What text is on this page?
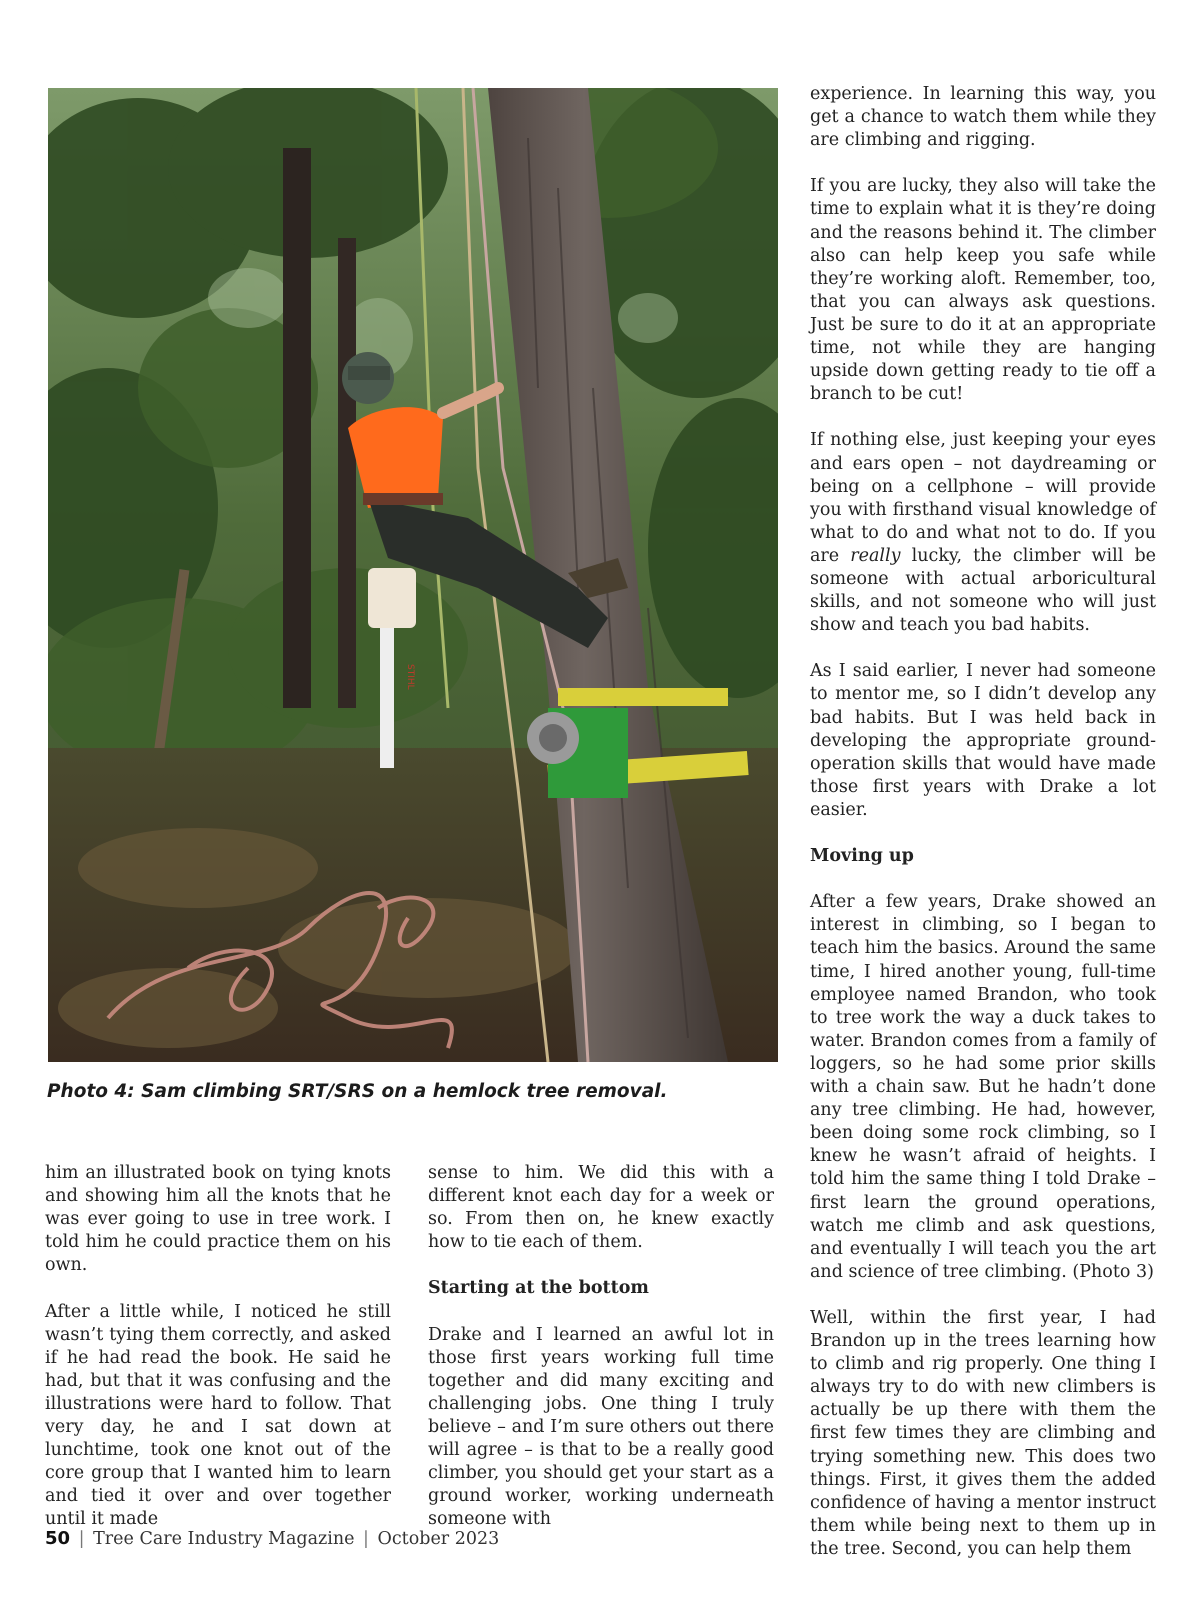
STIHL

Photo 4: Sam climbing SRT/SRS on a hemlock tree removal.

experience. In learning this way, you get a chance to watch them while they are climbing and rigging.

If you are lucky, they also will take the time to explain what it is they’re doing and the reasons behind it. The climber also can help keep you safe while they’re working aloft. Remember, too, that you can always ask questions. Just be sure to do it at an appropriate time, not while they are hanging upside down getting ready to tie off a branch to be cut!

If nothing else, just keeping your eyes and ears open – not daydreaming or being on a cellphone – will provide you with firsthand visual knowledge of what to do and what not to do. If you are really lucky, the climber will be someone with actual arboricultural skills, and not someone who will just show and teach you bad habits.

As I said earlier, I never had someone to mentor me, so I didn’t develop any bad habits. But I was held back in developing the appropriate ground-operation skills that would have made those first years with Drake a lot easier.

Moving up

After a few years, Drake showed an interest in climbing, so I began to teach him the basics. Around the same time, I hired another young, full-time employee named Brandon, who took to tree work the way a duck takes to water. Brandon comes from a family of loggers, so he had some prior skills with a chain saw. But he hadn’t done any tree climbing. He had, however, been doing some rock climbing, so I knew he wasn’t afraid of heights. I told him the same thing I told Drake – first learn the ground operations, watch me climb and ask questions, and eventually I will teach you the art and science of tree climbing. (Photo 3)

Well, within the first year, I had Brandon up in the trees learning how to climb and rig properly. One thing I always try to do with new climbers is actually be up there with them the first few times they are climbing and trying something new. This does two things. First, it gives them the added confidence of having a mentor instruct them while being next to them up in the tree. Second, you can help them

him an illustrated book on tying knots and showing him all the knots that he was ever going to use in tree work. I told him he could practice them on his own.

After a little while, I noticed he still wasn’t tying them correctly, and asked if he had read the book. He said he had, but that it was confusing and the illustrations were hard to follow. That very day, he and I sat down at lunchtime, took one knot out of the core group that I wanted him to learn and tied it over and over together until it made

sense to him. We did this with a different knot each day for a week or so. From then on, he knew exactly how to tie each of them.

Starting at the bottom

Drake and I learned an awful lot in those first years working full time together and did many exciting and challenging jobs. One thing I truly believe – and I’m sure others out there will agree – is that to be a really good climber, you should get your start as a ground worker, working underneath someone with

50 | Tree Care Industry Magazine | October 2023
